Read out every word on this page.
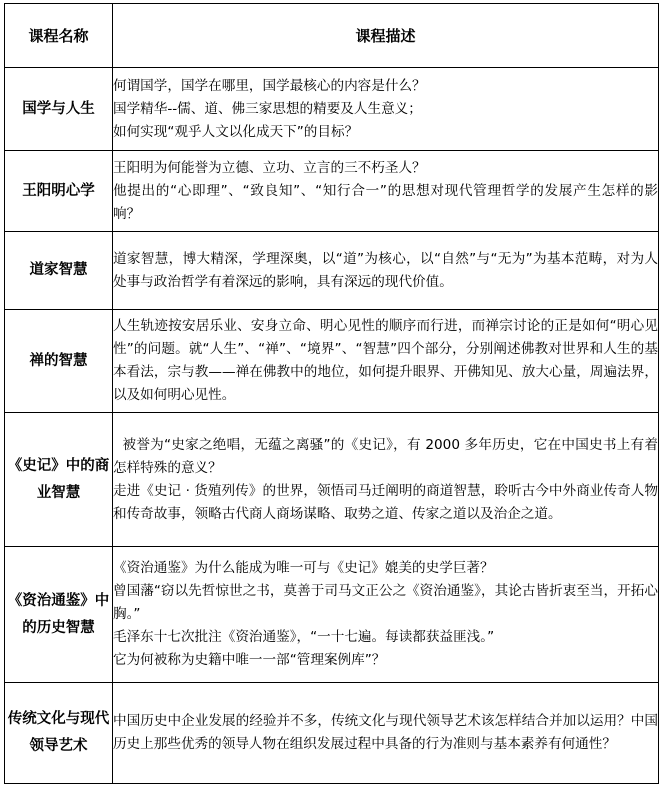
课程名称	课程描述
国学与人生	何谓国学，国学在哪里，国学最核心的内容是什么？

国学精华--儒、道、佛三家思想的精要及人生意义；

如何实现“观乎人文以化成天下”的目标？

王阳明心学	王阳明为何能誉为立德、立功、立言的三不朽圣人？

他提出的“心即理”、“致良知”、“知行合一”的思想对现代管理哲学的发展产生怎样的影响？

道家智慧	道家智慧，博大精深，学理深奥，以“道”为核心，以“自然”与“无为”为基本范畴，对为人处事与政治哲学有着深远的影响，具有深远的现代价值。

禅的智慧	人生轨迹按安居乐业、安身立命、明心见性的顺序而行进，而禅宗讨论的正是如何“明心见性”的问题。就“人生”、“禅”、“境界”、“智慧”四个部分，分别阐述佛教对世界和人生的基本看法，宗与教——禅在佛教中的地位，如何提升眼界、开佛知见、放大心量，周遍法界，以及如何明心见性。

《史记》中的商业智慧	被誉为“史家之绝唱，无蕴之离骚”的《史记》，有 2000 多年历史，它在中国史书上有着怎样特殊的意义？

走进《史记 · 货殖列传》的世界，领悟司马迁阐明的商道智慧，聆听古今中外商业传奇人物和传奇故事，领略古代商人商场谋略、取势之道、传家之道以及治企之道。

《资治通鉴》中的历史智慧	《资治通鉴》为什么能成为唯一可与《史记》媲美的史学巨著？

曾国藩“窃以先哲惊世之书，莫善于司马文正公之《资治通鉴》，其论古皆折衷至当，开拓心胸。”

毛泽东十七次批注《资治通鉴》，“一十七遍。每读都获益匪浅。”

它为何被称为史籍中唯一一部“管理案例库”？

传统文化与现代领导艺术	中国历史中企业发展的经验并不多，传统文化与现代领导艺术该怎样结合并加以运用？中国历史上那些优秀的领导人物在组织发展过程中具备的行为准则与基本素养有何通性？
